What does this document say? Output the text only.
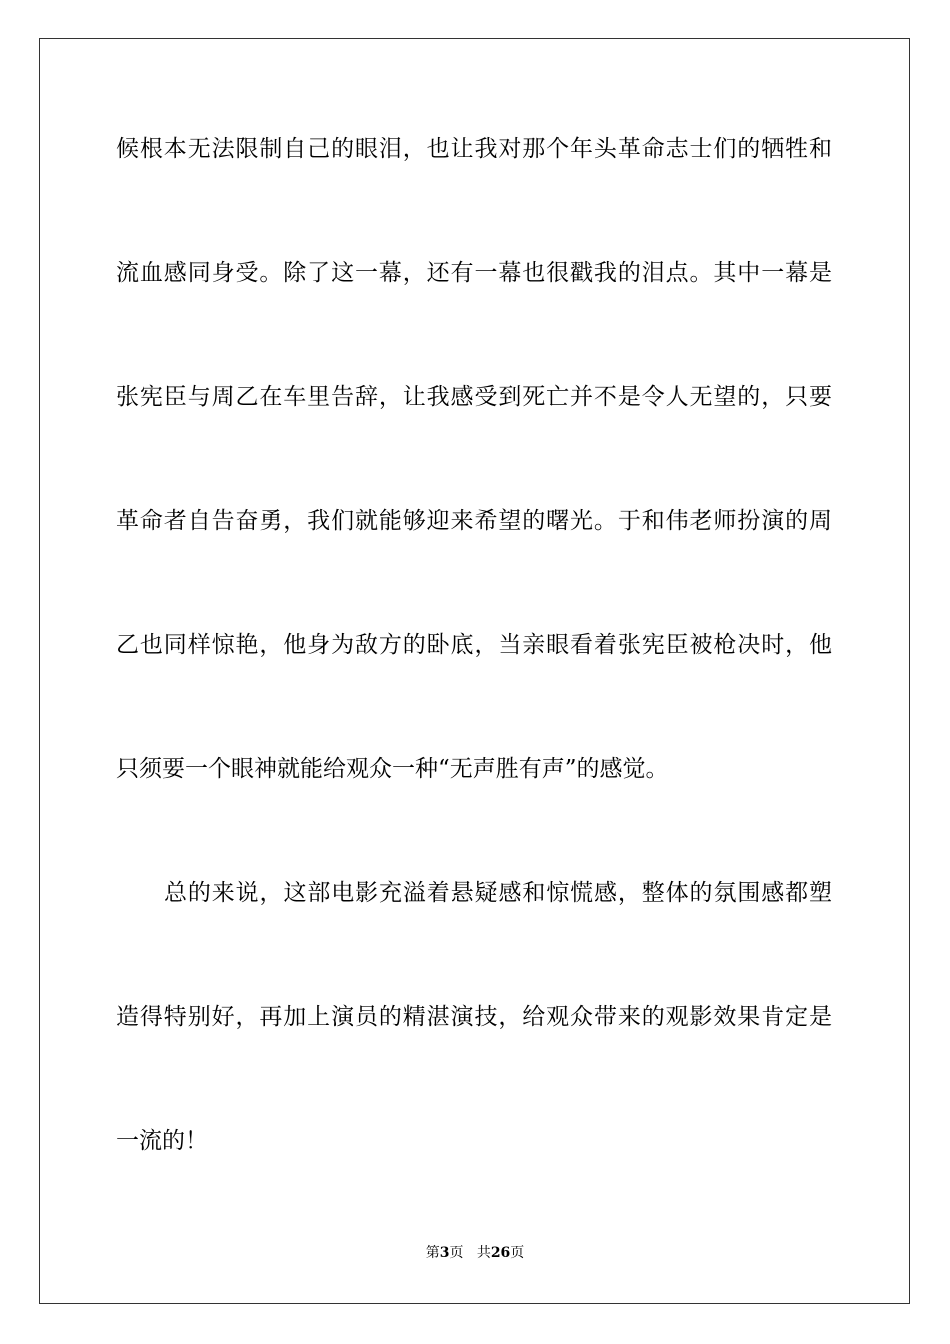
候根本无法限制自己的眼泪，也让我对那个年头革命志士们的牺牲和
流血感同身受。除了这一幕，还有一幕也很戳我的泪点。其中一幕是
张宪臣与周乙在车里告辞，让我感受到死亡并不是令人无望的，只要
革命者自告奋勇，我们就能够迎来希望的曙光。于和伟老师扮演的周
乙也同样惊艳，他身为敌方的卧底，当亲眼看着张宪臣被枪决时，他
只须要一个眼神就能给观众一种“无声胜有声”的感觉。
总的来说，这部电影充溢着悬疑感和惊慌感，整体的氛围感都塑
造得特别好，再加上演员的精湛演技，给观众带来的观影效果肯定是
一流的！
第3页 共26页
